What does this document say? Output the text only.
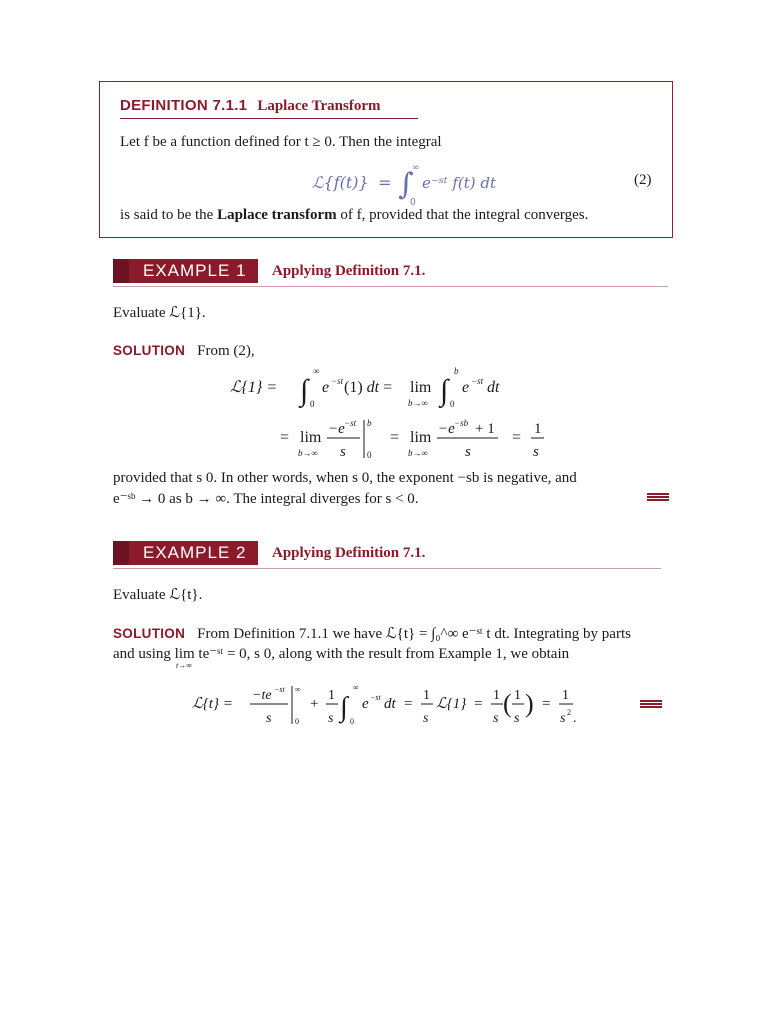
DEFINITION 7.1.1 Laplace Transform
Let f be a function defined for t ≥ 0. Then the integral
ℒ{f(t)} = ∫
∞
0
e⁻ˢᵗ f(t) dt	(2)
is said to be the Laplace transform of f, provided that the integral converges.
EXAMPLE 1 Applying Definition 7.1.
Evaluate ℒ{1}.
SOLUTION From (2),
ℒ{1} = ∫
∞
0
e −st (1) dt = lim
b→∞ ∫
b
0
e −st dt
= lim
b→∞
−e −st
s
b
0
= lim
b→∞
−e −sb + 1
s
= 1
s
provided that s 0. In other words, when s 0, the exponent −sb is negative, and
e⁻ˢᵇ → 0 as b → ∞. The integral diverges for s < 0.
EXAMPLE 2 Applying Definition 7.1.
Evaluate ℒ{t}.
SOLUTION From Definition 7.1.1 we have ℒ{t} = ∫₀^∞ e⁻ˢᵗ t dt. Integrating by parts
and using lim te⁻ˢᵗ = 0, s 0, along with the result from Example 1, we obtain
t→∞
ℒ{t} =
−te −st
s
∞
0
+
1
s ∫
∞
0
e −st dt =
1
s
ℒ{1} =
1
s
( 1
s
) =
1
s 2 .
